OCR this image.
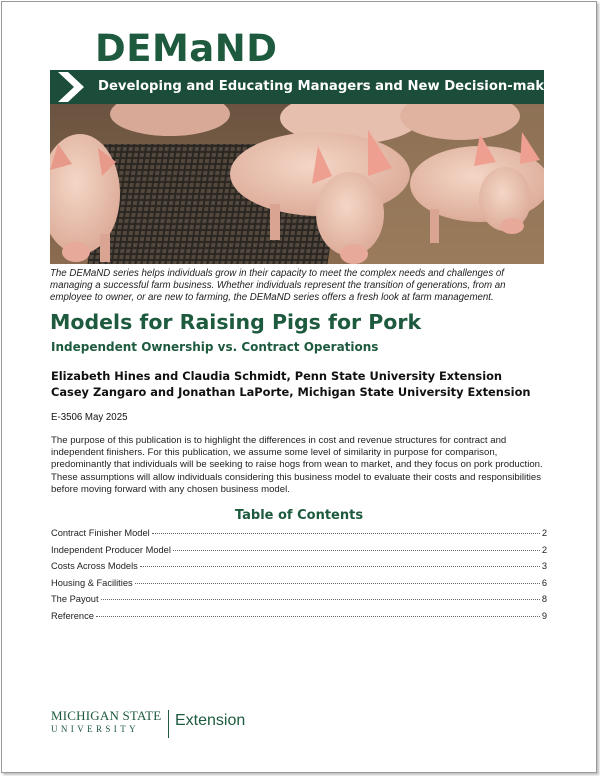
DEMaND
Developing and Educating Managers and New Decision-makers
The DEMaND series helps individuals grow in their capacity to meet the complex needs and challenges of managing a successful farm business. Whether individuals represent the transition of generations, from an employee to owner, or are new to farming, the DEMaND series offers a fresh look at farm management.
Models for Raising Pigs for Pork
Independent Ownership vs. Contract Operations
Elizabeth Hines and Claudia Schmidt, Penn State University Extension
Casey Zangaro and Jonathan LaPorte, Michigan State University Extension
E-3506 May 2025
The purpose of this publication is to highlight the differences in cost and revenue structures for contract and independent finishers. For this publication, we assume some level of similarity in purpose for comparison, predominantly that individuals will be seeking to raise hogs from wean to market, and they focus on pork production. These assumptions will allow individuals considering this business model to evaluate their costs and responsibilities before moving forward with any chosen business model.
Table of Contents
Contract Finisher Model	2
Independent Producer Model	2
Costs Across Models	3
Housing & Facilities	6
The Payout	8
Reference	9
MICHIGAN STATE
UNIVERSITY Extension
